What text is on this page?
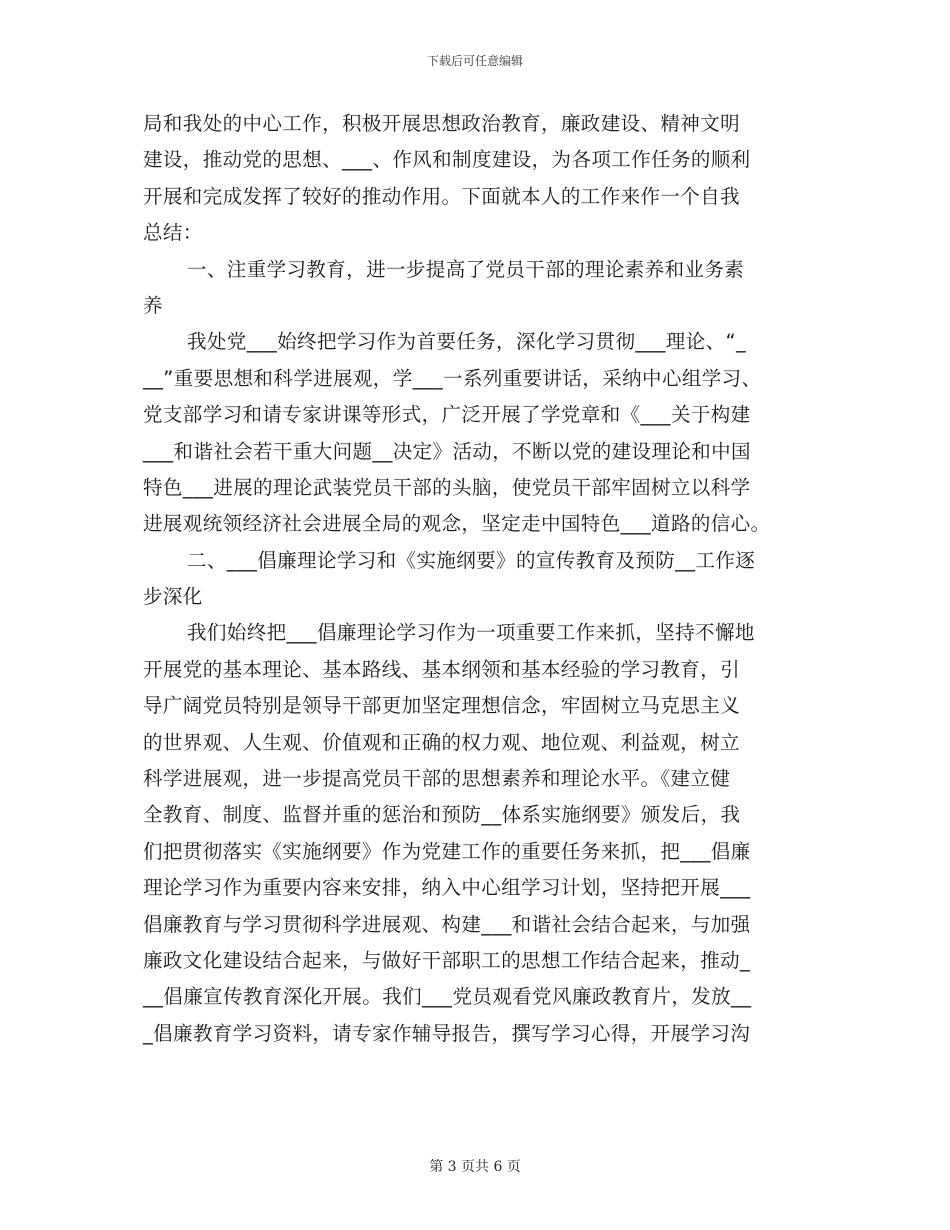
下载后可任意编辑
局和我处的中心工作，积极开展思想政治教育，廉政建设、精神文明
建设，推动党的思想、___、作风和制度建设，为各项工作任务的顺利
开展和完成发挥了较好的推动作用。下面就本人的工作来作一个自我
总结：
一、注重学习教育，进一步提高了党员干部的理论素养和业务素
养
我处党___始终把学习作为首要任务，深化学习贯彻___理论、“_
__”重要思想和科学进展观，学___一系列重要讲话，采纳中心组学习、
党支部学习和请专家讲课等形式，广泛开展了学党章和《___关于构建
___和谐社会若干重大问题__决定》活动，不断以党的建设理论和中国
特色___进展的理论武装党员干部的头脑，使党员干部牢固树立以科学
进展观统领经济社会进展全局的观念，坚定走中国特色___道路的信心。
二、___倡廉理论学习和《实施纲要》的宣传教育及预防__工作逐
步深化
我们始终把___倡廉理论学习作为一项重要工作来抓，坚持不懈地
开展党的基本理论、基本路线、基本纲领和基本经验的学习教育，引
导广阔党员特别是领导干部更加坚定理想信念，牢固树立马克思主义
的世界观、人生观、价值观和正确的权力观、地位观、利益观，树立
科学进展观，进一步提高党员干部的思想素养和理论水平。《建立健
全教育、制度、监督并重的惩治和预防__体系实施纲要》颁发后，我
们把贯彻落实《实施纲要》作为党建工作的重要任务来抓，把___倡廉
理论学习作为重要内容来安排，纳入中心组学习计划，坚持把开展___
倡廉教育与学习贯彻科学进展观、构建___和谐社会结合起来，与加强
廉政文化建设结合起来，与做好干部职工的思想工作结合起来，推动_
__倡廉宣传教育深化开展。我们___党员观看党风廉政教育片，发放__
_倡廉教育学习资料，请专家作辅导报告，撰写学习心得，开展学习沟
第 3 页共 6 页
